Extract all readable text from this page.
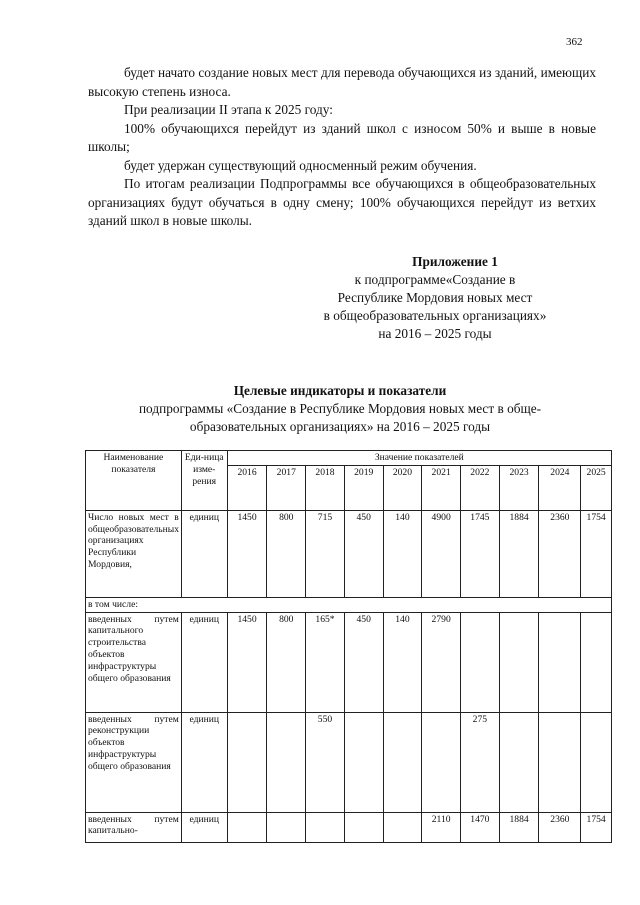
362

будет начато создание новых мест для перевода обучающихся из зданий, имеющих высокую степень износа.

При реализации II этапа к 2025 году:

100% обучающихся перейдут из зданий школ с износом 50% и выше в новые школы;

будет удержан существующий односменный режим обучения.

По итогам реализации Подпрограммы все обучающихся в общеобразовательных организациях будут обучаться в одну смену; 100% обучающихся перейдут из ветхих зданий школ в новые школы.

Приложение 1
к подпрограмме«Создание в
Республике Мордовия новых мест
в общеобразовательных организациях»
на 2016 – 2025 годы
Целевые индикаторы и показатели
подпрограммы «Создание в Республике Мордовия новых мест в обще-
образовательных организациях» на 2016 – 2025 годы
Наименование показателя	Еди-ница изме-рения	Значение показателей									
		2016	2017	2018	2019	2020	2021	2022	2023	2024	2025
Число новых мест в общеобразовательных организациях Республики Мордовия,	единиц	1450	800	715	450	140	4900	1745	1884	2360	1754
в том числе:											
введенных путем капитального строительства объектов инфраструктуры общего образования	единиц	1450	800	165*	450	140	2790				
введенных путем реконструкции объектов инфраструктуры общего образования	единиц			550				275			
введенных путем капитально-	единиц						2110	1470	1884	2360	1754
